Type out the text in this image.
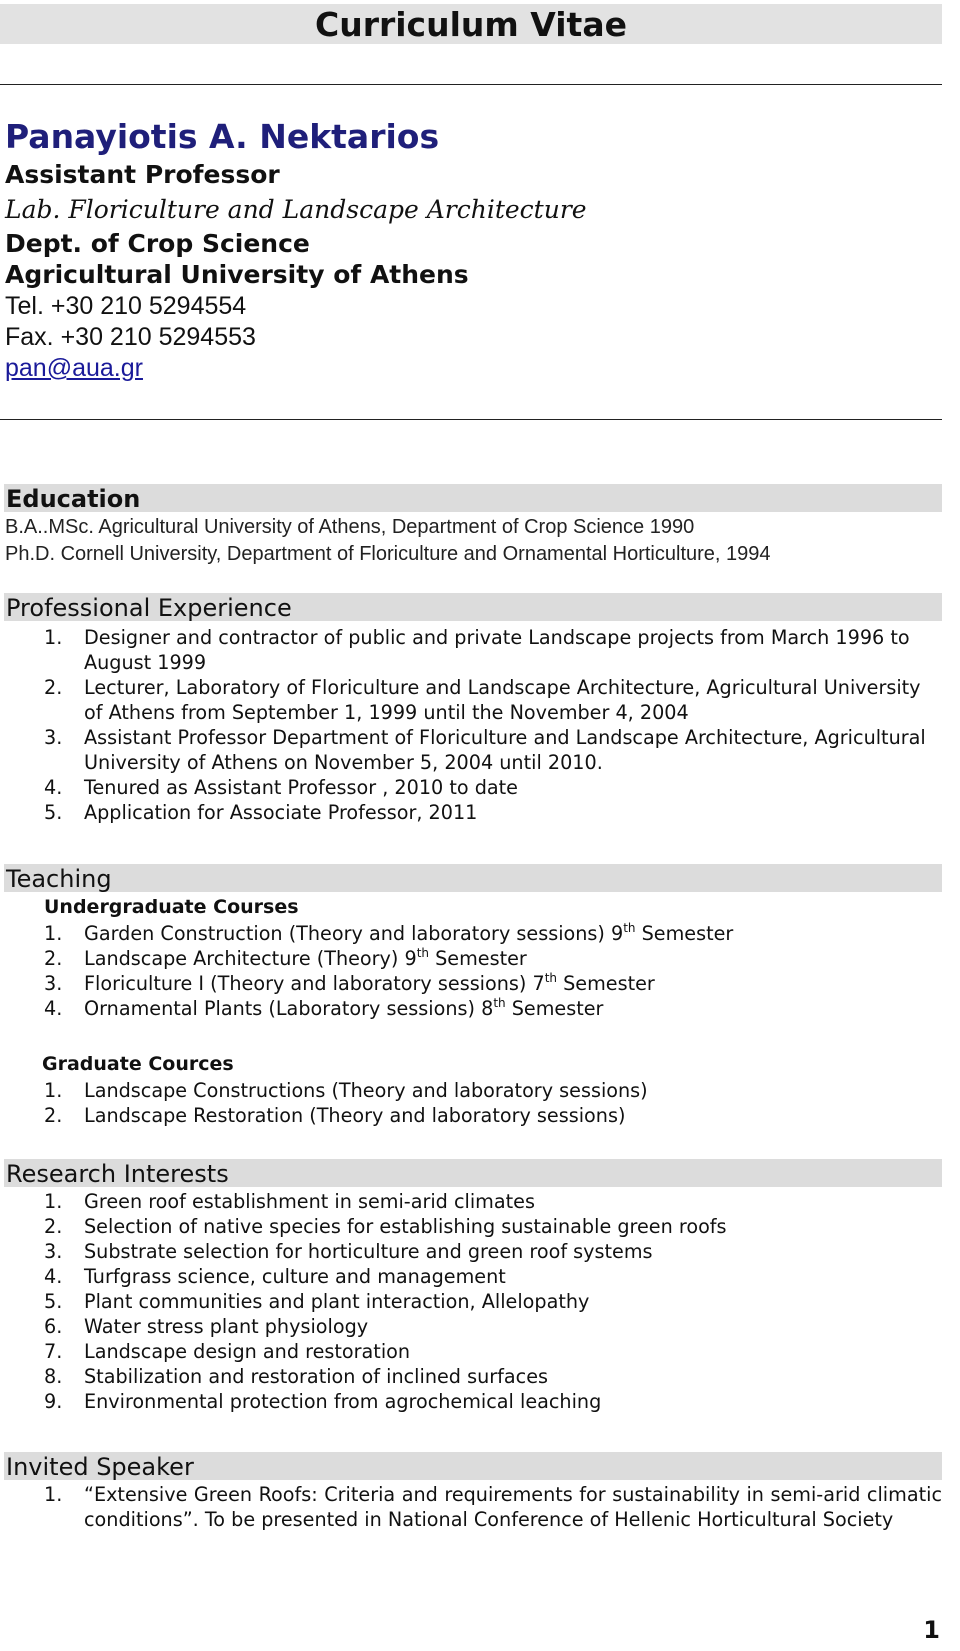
Curriculum Vitae
Panayiotis A. Nektarios
Assistant Professor
Lab. Floriculture and Landscape Architecture
Dept. of Crop Science
Agricultural University of Athens
Tel. +30 210 5294554
Fax. +30 210 5294553
pan@aua.gr
Education
B.A..MSc. Agricultural University of Athens, Department of Crop Science 1990
Ph.D. Cornell University, Department of Floriculture and Ornamental Horticulture, 1994
Professional Experience
1. Designer and contractor of public and private Landscape projects from March 1996 to August 1999
2. Lecturer, Laboratory of Floriculture and Landscape Architecture, Agricultural University of Athens from September 1, 1999 until the November 4, 2004
3. Assistant Professor Department of Floriculture and Landscape Architecture, Agricultural University of Athens on November 5, 2004 until 2010.
4. Tenured as Assistant Professor , 2010 to date
5. Application for Associate Professor, 2011
Teaching
Undergraduate Courses
1. Garden Construction (Theory and laboratory sessions) 9th Semester
2. Landscape Architecture (Theory) 9th Semester
3. Floriculture I (Theory and laboratory sessions) 7th Semester
4. Ornamental Plants (Laboratory sessions) 8th Semester
Graduate Cources
1. Landscape Constructions (Theory and laboratory sessions)
2. Landscape Restoration (Theory and laboratory sessions)
Research Interests
1. Green roof establishment in semi-arid climates
2. Selection of native species for establishing sustainable green roofs
3. Substrate selection for horticulture and green roof systems
4. Turfgrass science, culture and management
5. Plant communities and plant interaction, Allelopathy
6. Water stress plant physiology
7. Landscape design and restoration
8. Stabilization and restoration of inclined surfaces
9. Environmental protection from agrochemical leaching
Invited Speaker
1. “Extensive Green Roofs: Criteria and requirements for sustainability in semi-arid climatic conditions”. To be presented in National Conference of Hellenic Horticultural Society
1
